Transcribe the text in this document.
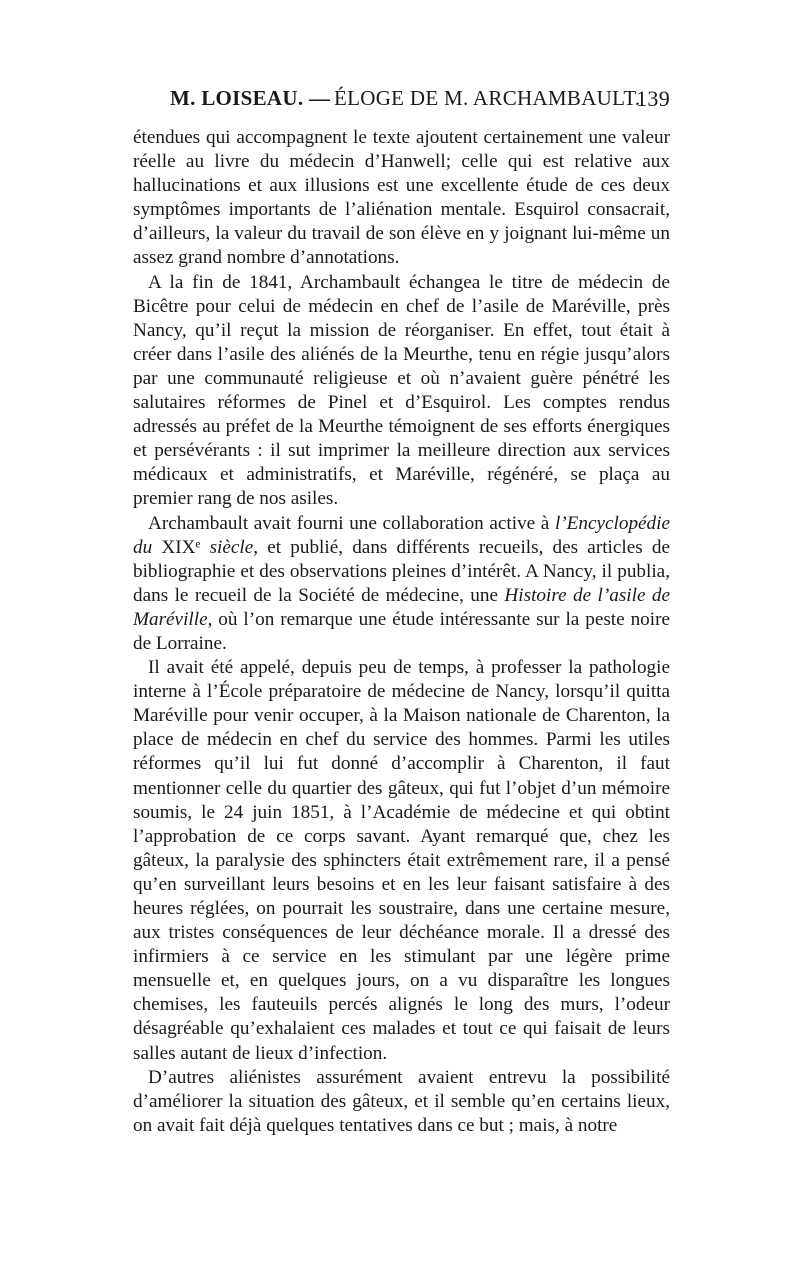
M. LOISEAU. — ÉLOGE DE M. ARCHAMBAULT.
139

étendues qui accompagnent le texte ajoutent certainement une valeur réelle au livre du médecin d’Hanwell; celle qui est relative aux hallucinations et aux illusions est une excellente étude de ces deux symptômes importants de l’aliénation mentale. Esquirol consacrait, d’ailleurs, la valeur du travail de son élève en y joignant lui-même un assez grand nombre d’annotations.

A la fin de 1841, Archambault échangea le titre de médecin de Bicêtre pour celui de médecin en chef de l’asile de Maréville, près Nancy, qu’il reçut la mission de réorganiser. En effet, tout était à créer dans l’asile des aliénés de la Meurthe, tenu en régie jusqu’alors par une communauté religieuse et où n’avaient guère pénétré les salutaires réformes de Pinel et d’Esquirol. Les comptes rendus adressés au préfet de la Meurthe témoignent de ses efforts énergiques et persévérants : il sut imprimer la meilleure direction aux services médicaux et administratifs, et Maréville, régénéré, se plaça au premier rang de nos asiles.

Archambault avait fourni une collaboration active à l’Encyclopédie du XIXᵉ siècle, et publié, dans différents recueils, des articles de bibliographie et des observations pleines d’intérêt. A Nancy, il publia, dans le recueil de la Société de médecine, une Histoire de l’asile de Maréville, où l’on remarque une étude intéressante sur la peste noire de Lorraine.

Il avait été appelé, depuis peu de temps, à professer la pathologie interne à l’École préparatoire de médecine de Nancy, lorsqu’il quitta Maréville pour venir occuper, à la Maison nationale de Charenton, la place de médecin en chef du service des hommes. Parmi les utiles réformes qu’il lui fut donné d’accomplir à Charenton, il faut mentionner celle du quartier des gâteux, qui fut l’objet d’un mémoire soumis, le 24 juin 1851, à l’Académie de médecine et qui obtint l’approbation de ce corps savant. Ayant remarqué que, chez les gâteux, la paralysie des sphincters était extrêmement rare, il a pensé qu’en surveillant leurs besoins et en les leur faisant satisfaire à des heures réglées, on pourrait les soustraire, dans une certaine mesure, aux tristes conséquences de leur déchéance morale. Il a dressé des infirmiers à ce service en les stimulant par une légère prime mensuelle et, en quelques jours, on a vu disparaître les longues chemises, les fauteuils percés alignés le long des murs, l’odeur désagréable qu’exhalaient ces malades et tout ce qui faisait de leurs salles autant de lieux d’infection.

D’autres aliénistes assurément avaient entrevu la possibilité d’améliorer la situation des gâteux, et il semble qu’en certains lieux, on avait fait déjà quelques tentatives dans ce but ; mais, à notre
